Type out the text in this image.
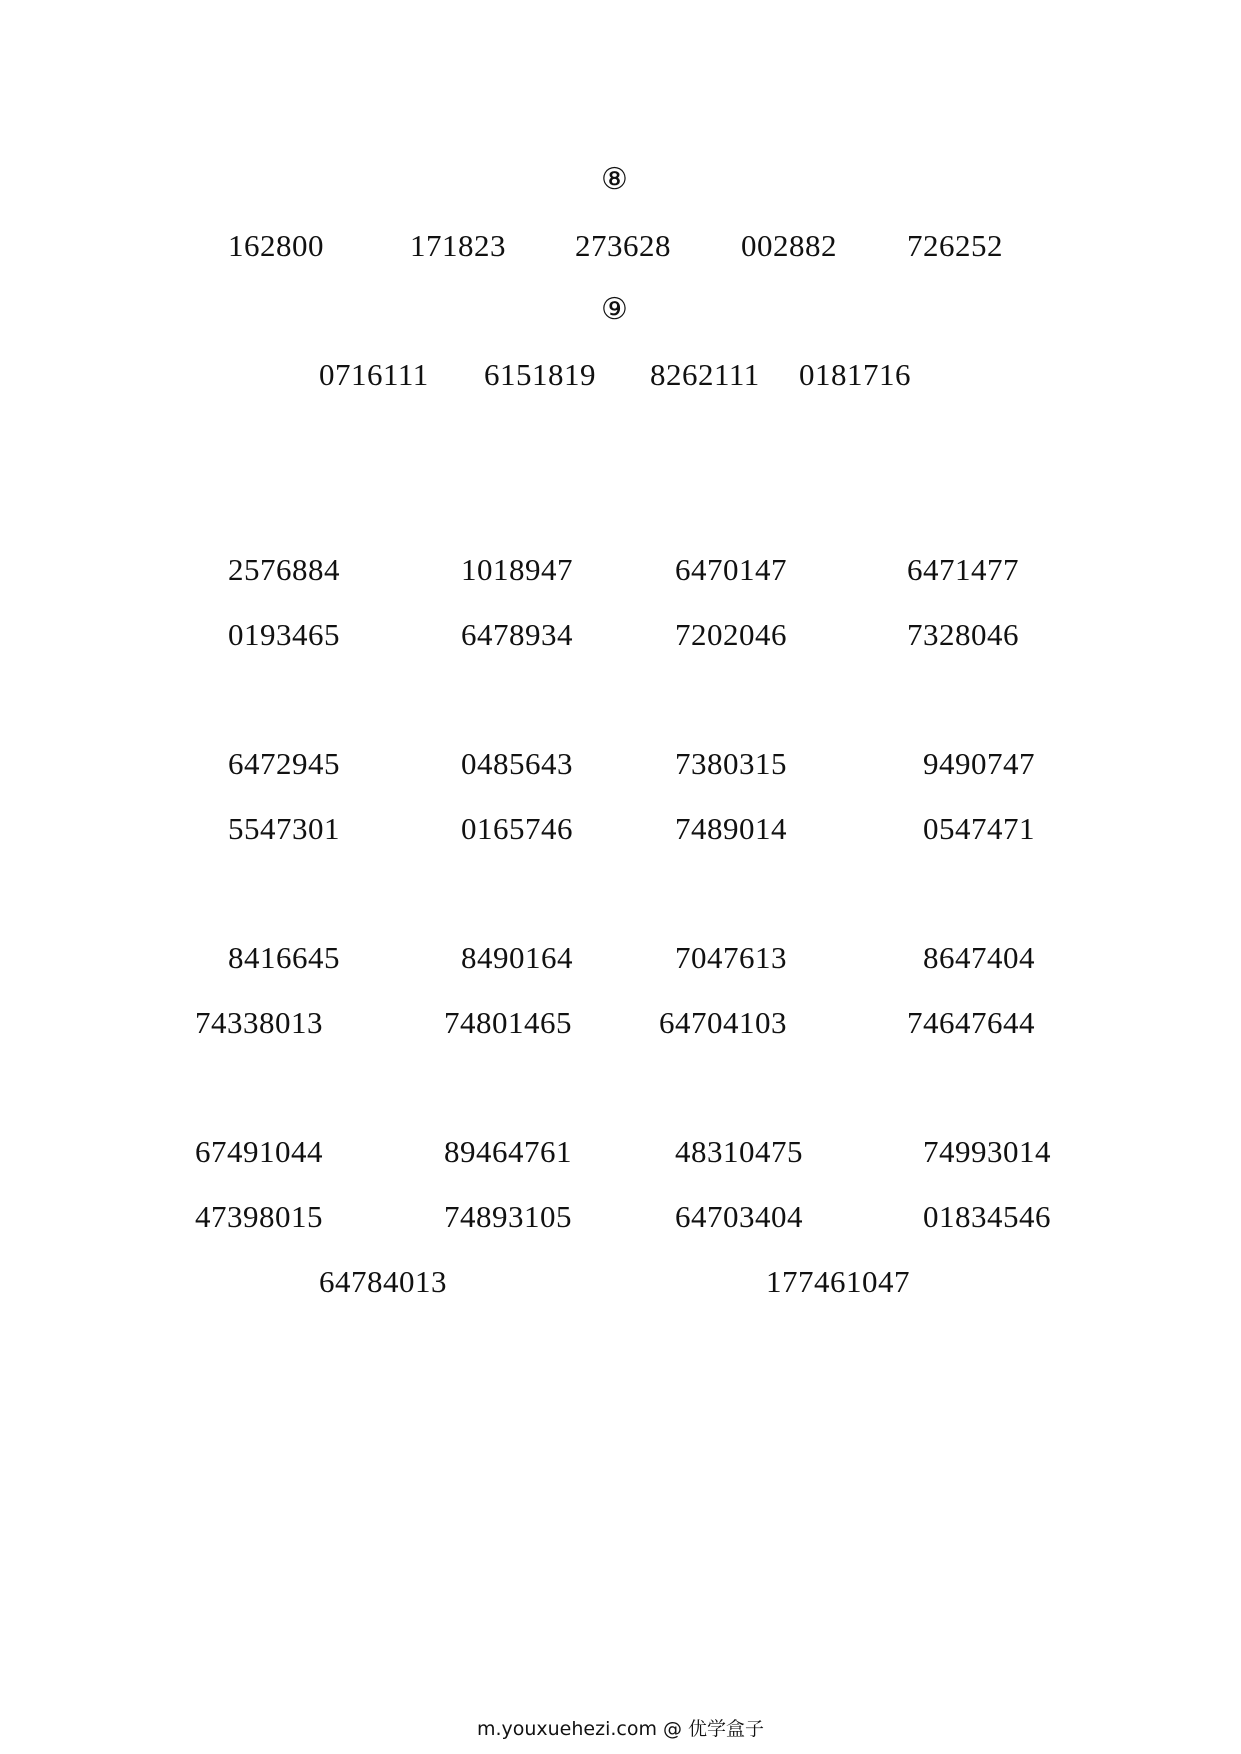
⑧
162800	171823 273628 002882 726252
⑨
0716111 6151819 8262111 0181716
2576884	1018947	6470147	6471477
0193465	6478934	7202046	7328046
6472945	0485643	7380315	9490747
5547301	0165746	7489014	0547471
8416645	8490164	7047613	8647404
74338013	74801465	64704103	74647644
67491044	89464761	48310475	74993014
47398015	74893105	64703404	01834546
64784013	177461047
m.youxuehezi.com @ 优学盒子
